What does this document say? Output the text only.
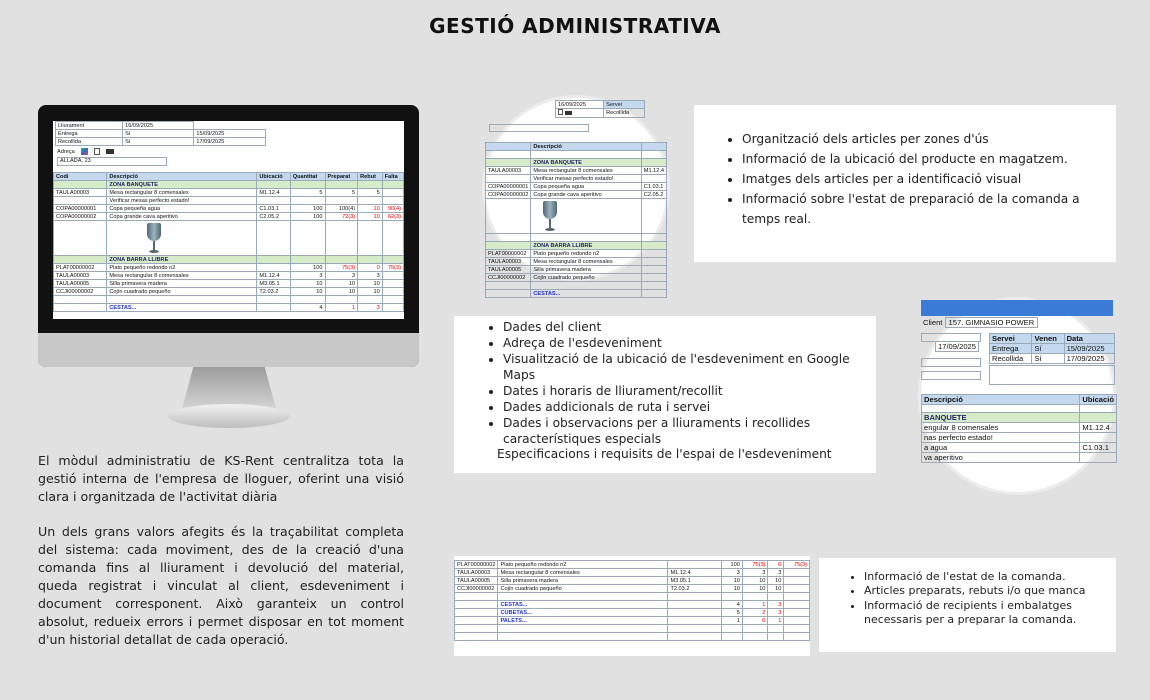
GESTIÓ ADMINISTRATIVA
Lliurament	16/09/2025	
Entrega	Sí	15/09/2025
Recollida	Sí	17/09/2025
Adreça
ALLADA, 23
Codi	Descripció	Ubicació	Quantitat	Preparat	Rebut	Falta
	ZONA BANQUETE					
TAULA00003	Mesa rectangular 8 comensales	M1.12.4	5	5	5	
	Verificar mesas perfecto estado!					
COPA00000001	Copa pequeña agua	C1.03.1	100	100(4)	10	90(4)
COPA00000002	Copa grande cava aperitivo	C2.05.2	100	72(3)	10	62(3)

	ZONA BARRA LLIBRE					
PLAT00000002	Plato pequeño redondo n2		100	75(3)	0	75(3)
TAULA00003	Mesa rectangular 8 comensales	M1.12.4	3	3	3	
TAULA00005	Silla primavera madera	M3.05.1	10	10	10	
CCJI00000002	Cojín cuadrado pequeño	T2.03.2	10	10	10	

	CESTAS...		4	1	3	
16/09/2025	Servei
	Recollida
	Descripció	

	ZONA BANQUETE	
TAULA00003	Mesa rectangular 8 comensales	M1.12.4
	Verificar mesas perfecto estado!	
COPA00000001	Copa pequeña agua	C1.03.1
COPA00000002	Copa grande cava aperitivo	C2.05.2

	ZONA BARRA LLIBRE	
PLAT00000002	Plato pequeño redondo n2	
TAULA00003	Mesa rectangular 8 comensales	
TAULA00005	Silla primavera madera	
CCJI00000002	Cojín cuadrado pequeño	

	CESTAS...	
• Organització dels articles per zones d'ús
• Informació de la ubicació del producte en magatzem.
• Imatges dels articles per a identificació visual
• Informació sobre l'estat de preparació de la comanda a temps real.
• Dades del client
• Adreça de l'esdeveniment
• Visualització de la ubicació de l'esdeveniment en Google Maps
• Dates i horaris de lliurament/recollit
• Dades addicionals de ruta i servei
• Dades i observacions per a lliuraments i recollides característiques especials
Especificacions i requisits de l'espai de l'esdeveniment
Client 157. GIMNASIO POWER
17/09/2025
Servei	Venen	Data
Entrega	Sí	15/09/2025
Recollida	Sí	17/09/2025
Descripció	Ubicació

BANQUETE	
engular 8 comensales	M1.12.4
nas perfecto estado!	
a agua	C1.03.1
va aperitivo	
PLAT00000002	Plato pequeño redondo n2		100	75(3)	0	75(3)
TAULA00003	Mesa rectangular 8 comensales	M1.12.4	3	3	3	
TAULA00005	Silla primavera madera	M3.05.1	10	10	10	
CCJI00000002	Cojín cuadrado pequeño	T2.03.2	10	10	10	

	CESTAS...		4	1	3	
	CUBETAS...		5	2	3	
	PALETS...		1	0	1	

• Informació de l'estat de la comanda.
• Articles preparats, rebuts i/o que manca
• Informació de recipients i embalatges necessaris per a preparar la comanda.

El mòdul administratiu de KS-Rent centralitza tota la gestió interna de l'empresa de lloguer, oferint una visió clara i organitzada de l'activitat diària

Un dels grans valors afegits és la traçabilitat completa del sistema: cada moviment, des de la creació d'una comanda fins al lliurament i devolució del material, queda registrat i vinculat al client, esdeveniment i document corresponent. Això garanteix un control absolut, redueix errors i permet disposar en tot moment d'un historial detallat de cada operació.
